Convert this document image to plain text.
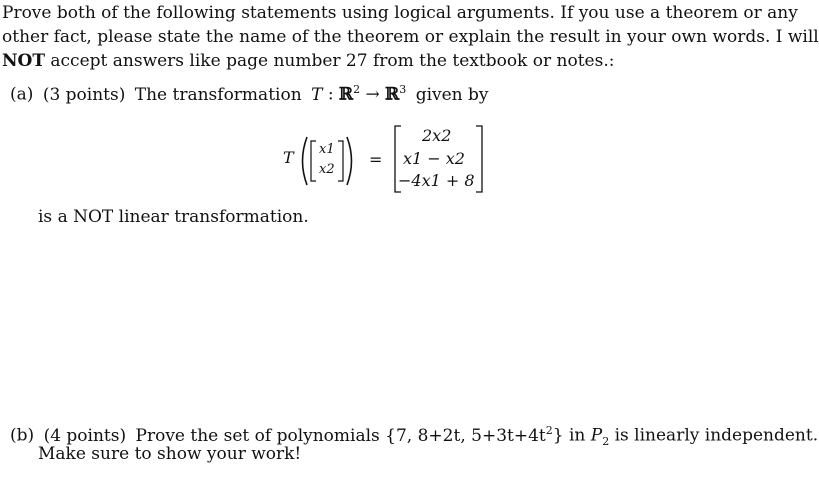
Prove both of the following statements using logical arguments. If you use a theorem or any
other fact, please state the name of the theorem or explain the result in your own words. I will
NOT accept answers like page number 27 from the textbook or notes.:
(a) (3 points) The transformation T : ℝ$^2$ → ℝ$^3$ given by
T x1
x2
=
2x2
x1 − x2
−4x1 + 8
is a NOT linear transformation.
(b) (4 points) Prove the set of polynomials {7, 8+2t, $5+3t+4t^2$} in $P_2$ is linearly independent.
Make sure to show your work!
